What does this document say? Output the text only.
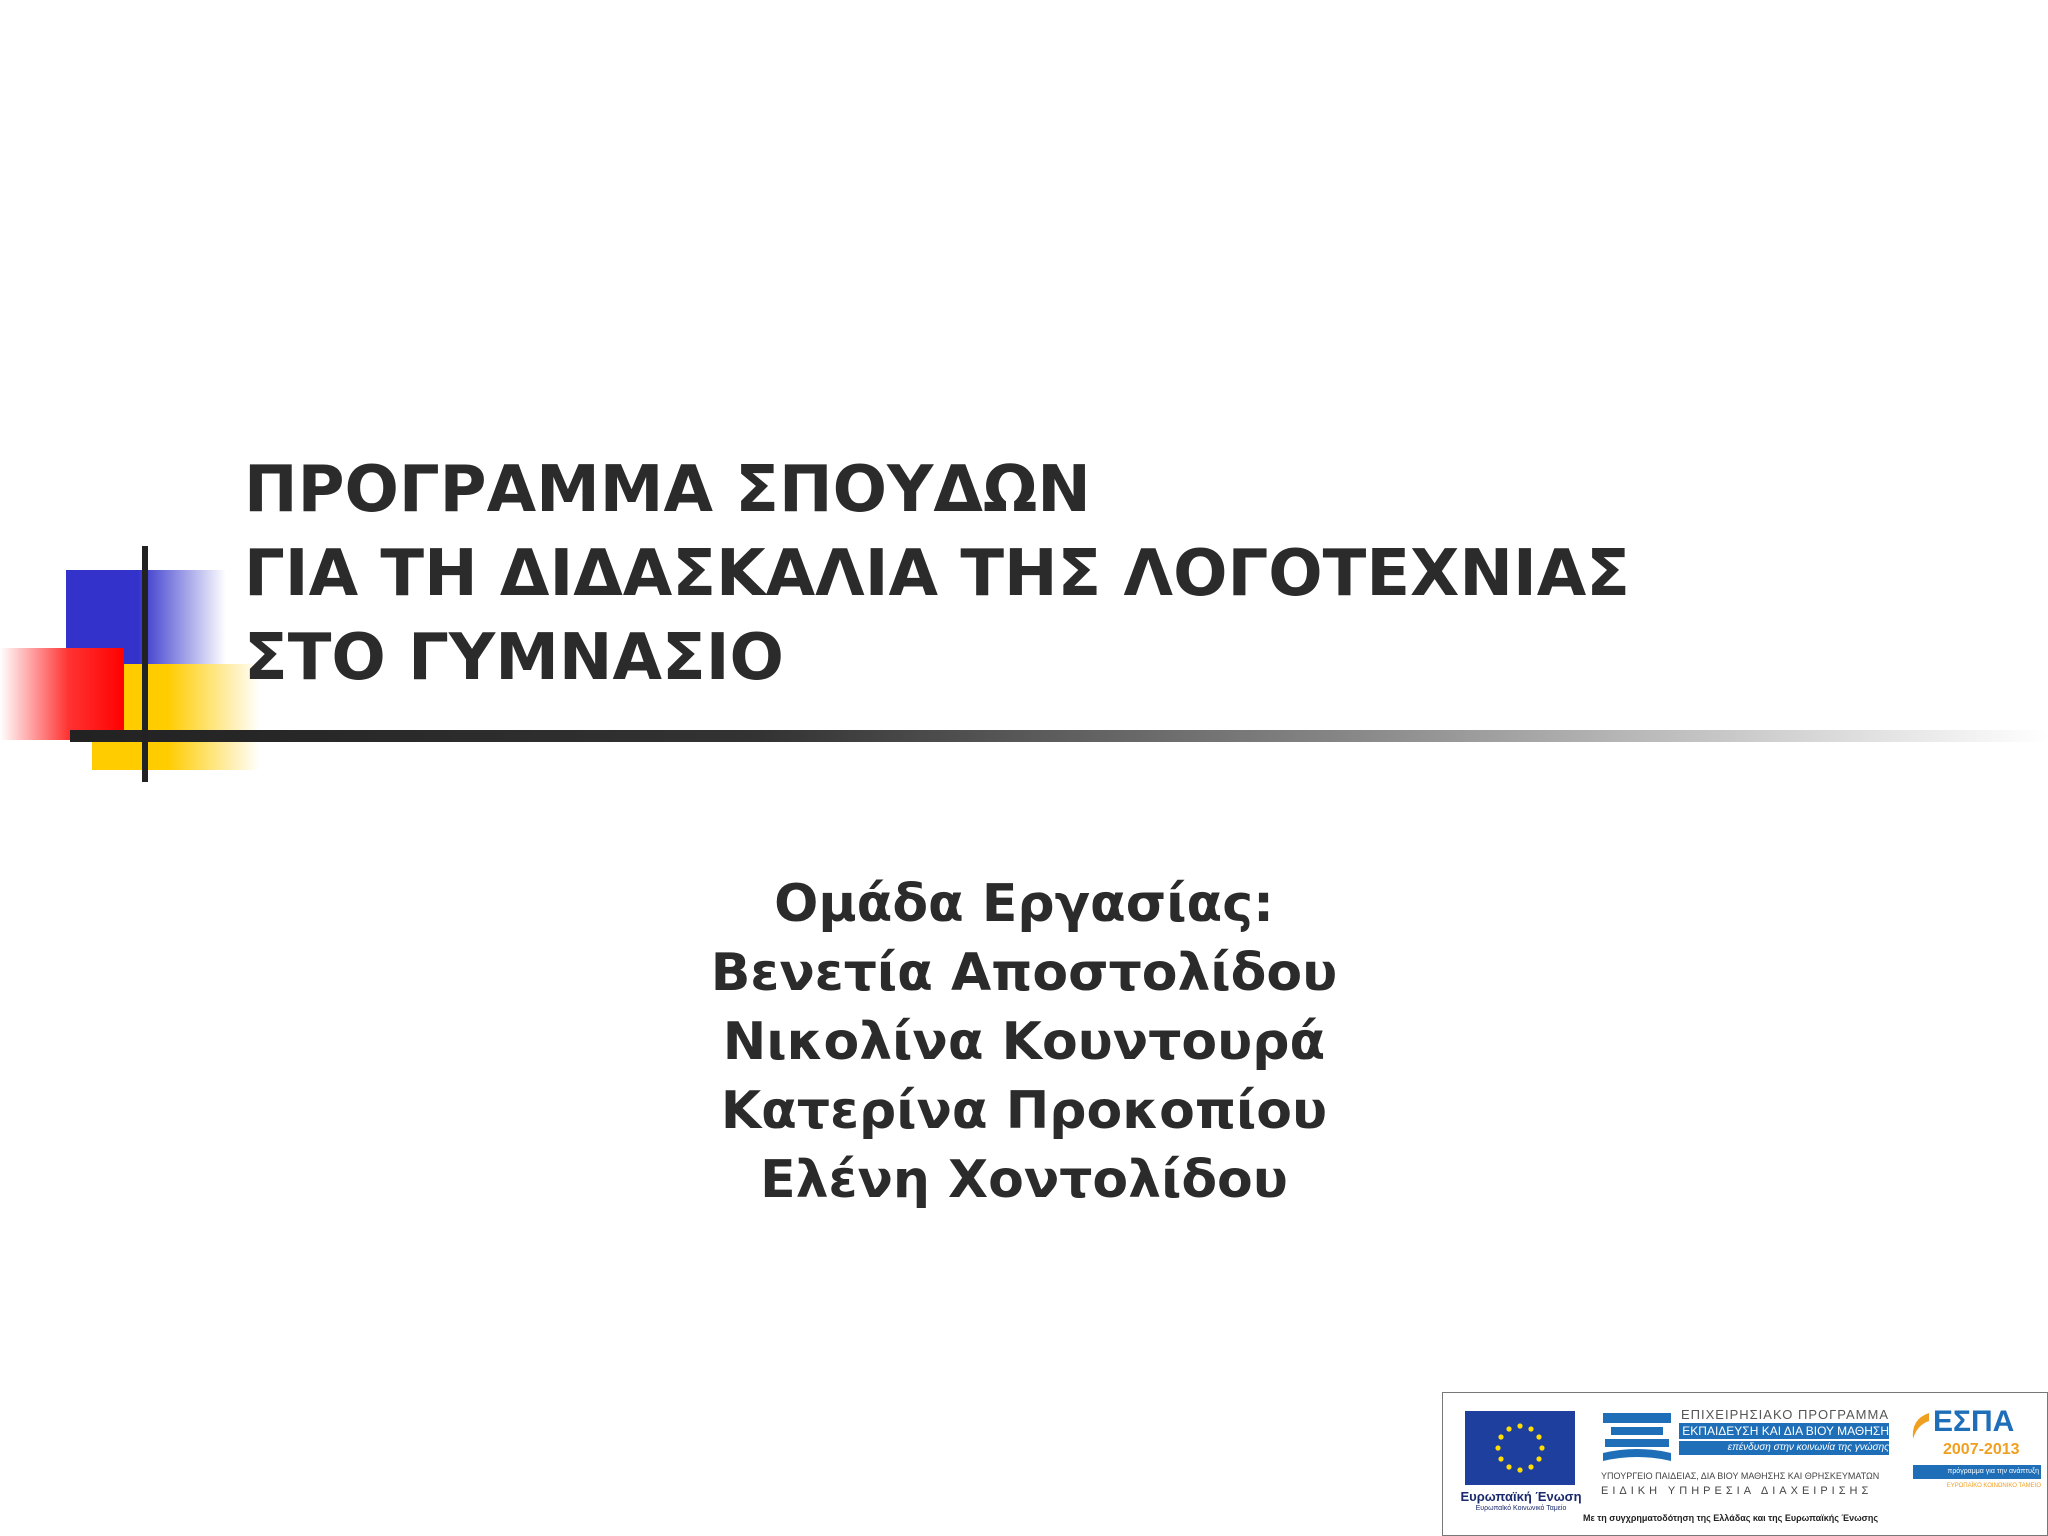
ΠΡΟΓΡΑΜΜΑ ΣΠΟΥΔΩΝ
ΓΙΑ ΤΗ ΔΙΔΑΣΚΑΛΙΑ ΤΗΣ ΛΟΓΟΤΕΧΝΙΑΣ
ΣΤΟ ΓΥΜΝΑΣΙΟ
Ομάδα Εργασίας:
Βενετία Αποστολίδου
Νικολίνα Κουντουρά
Κατερίνα Προκοπίου
Ελένη Χοντολίδου
Ευρωπαϊκή Ένωση
Ευρωπαϊκό Κοινωνικό Ταμείο
ΕΠΙΧΕΙΡΗΣΙΑΚΟ ΠΡΟΓΡΑΜΜΑ
ΕΚΠΑΙΔΕΥΣΗ ΚΑΙ ΔΙΑ ΒΙΟΥ ΜΑΘΗΣΗ
επένδυση στην κοινωνία της γνώσης
ΥΠΟΥΡΓΕΙΟ ΠΑΙΔΕΙΑΣ, ΔΙΑ ΒΙΟΥ ΜΑΘΗΣΗΣ ΚΑΙ ΘΡΗΣΚΕΥΜΑΤΩΝ
ΕΙΔΙΚΗ ΥΠΗΡΕΣΙΑ ΔΙΑΧΕΙΡΙΣΗΣ
Με τη συγχρηματοδότηση της Ελλάδας και της Ευρωπαϊκής Ένωσης
ΕΣΠΑ
2007-2013
πρόγραμμα για την ανάπτυξη
ΕΥΡΩΠΑΪΚΟ ΚΟΙΝΩΝΙΚΟ ΤΑΜΕΙΟ
